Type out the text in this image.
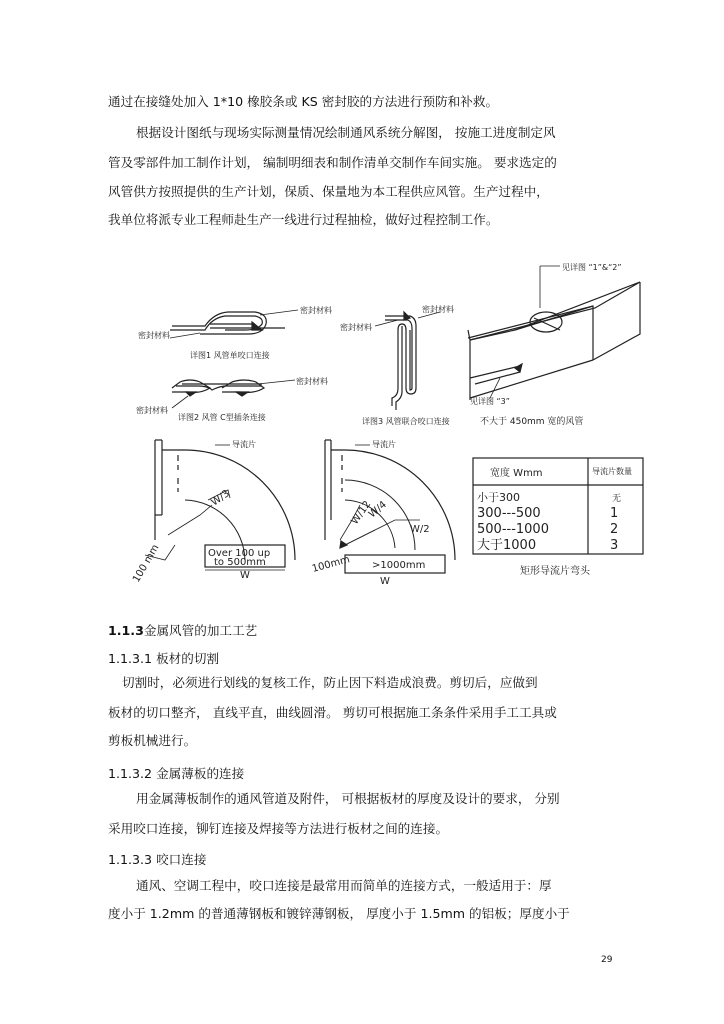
通过在接缝处加入 1*10 橡胶条或 KS 密封胶的方法进行预防和补救。
根据设计图纸与现场实际测量情况绘制通风系统分解图， 按施工进度制定风
管及零部件加工制作计划， 编制明细表和制作清单交制作车间实施。 要求选定的
风管供方按照提供的生产计划，保质、保量地为本工程供应风管。生产过程中，
我单位将派专业工程师赴生产一线进行过程抽检，做好过程控制工作。
密封材料
密封材料
详图1 风管单咬口连接
密封材料
密封材料
详图2 风管 C型插条连接
密封材料
密封材料
详图3 风管联合咬口连接
见详图 “1”&“2”
见详图 “3”
不大于 450mm 宽的风管
导流片	导流片
W/3
100 mm	Over 100 up
to 500mm
W
W/12
W/4
W/2
100mm >1000mm
W
宽度 Wmm	导流片数量
小于300	无
300---500	1
500---1000	2
大于1000	3
矩形导流片弯头
1.1.3金属风管的加工工艺
1.1.3.1 板材的切割
切割时，必须进行划线的复核工作，防止因下料造成浪费。剪切后，应做到
板材的切口整齐， 直线平直，曲线圆滑。 剪切可根据施工条条件采用手工工具或
剪板机械进行。
1.1.3.2 金属薄板的连接
用金属薄板制作的通风管道及附件， 可根据板材的厚度及设计的要求， 分别
采用咬口连接，铆钉连接及焊接等方法进行板材之间的连接。
1.1.3.3 咬口连接
通风、空调工程中，咬口连接是最常用而简单的连接方式，一般适用于：厚
度小于 1.2mm 的普通薄钢板和镀锌薄钢板， 厚度小于 1.5mm 的铝板；厚度小于
29
